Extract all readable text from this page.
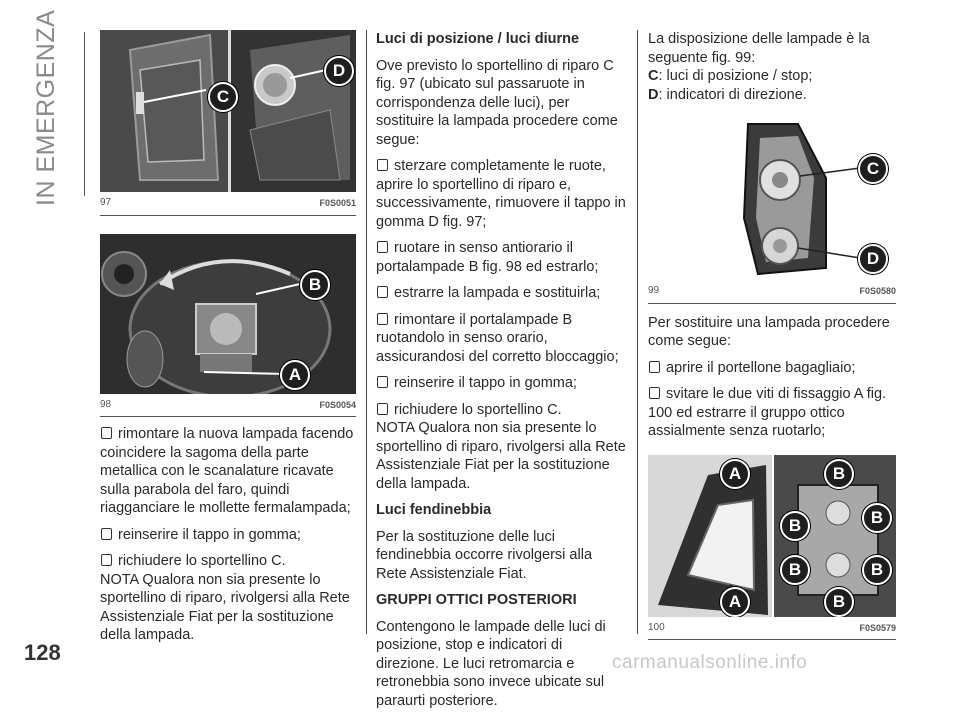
IN EMERGENZA	C
D
97	F0S0051
B
A
98	F0S0054
rimontare la nuova lampada facendo coincidere la sagoma della parte metallica con le scanalature ricavate sulla parabola del faro, quindi riagganciare le mollette fermalampada;
reinserire il tappo in gomma;
richiudere lo sportellino C.
NOTA Qualora non sia presente lo sportellino di riparo, rivolgersi alla Rete Assistenziale Fiat per la sostituzione della lampada.
Luci di posizione / luci diurne
Ove previsto lo sportellino di riparo C fig. 97 (ubicato sul passaruote in corrispondenza delle luci), per sostituire la lampada procedere come segue:
sterzare completamente le ruote, aprire lo sportellino di riparo e, successivamente, rimuovere il tappo in gomma D fig. 97;
ruotare in senso antiorario il portalampade B fig. 98 ed estrarlo;
estrarre la lampada e sostituirla;
rimontare il portalampade B ruotandolo in senso orario, assicurandosi del corretto bloccaggio;
reinserire il tappo in gomma;
richiudere lo sportellino C.
NOTA Qualora non sia presente lo sportellino di riparo, rivolgersi alla Rete Assistenziale Fiat per la sostituzione della lampada.
Luci fendinebbia
Per la sostituzione delle luci fendinebbia occorre rivolgersi alla Rete Assistenziale Fiat.
GRUPPI OTTICI POSTERIORI
Contengono le lampade delle luci di posizione, stop e indicatori di direzione. Le luci retromarcia e retronebbia sono invece ubicate sul paraurti posteriore.
La disposizione delle lampade è la seguente fig. 99:
C: luci di posizione / stop;
D: indicatori di direzione.
C
D
99	F0S0580
Per sostituire una lampada procedere come segue:
aprire il portellone bagagliaio;
svitare le due viti di fissaggio A fig. 100 ed estrarre il gruppo ottico assialmente senza ruotarlo;
A	B
B	B
B	B
A	B
100	F0S0579
128	carmanualsonline.info
